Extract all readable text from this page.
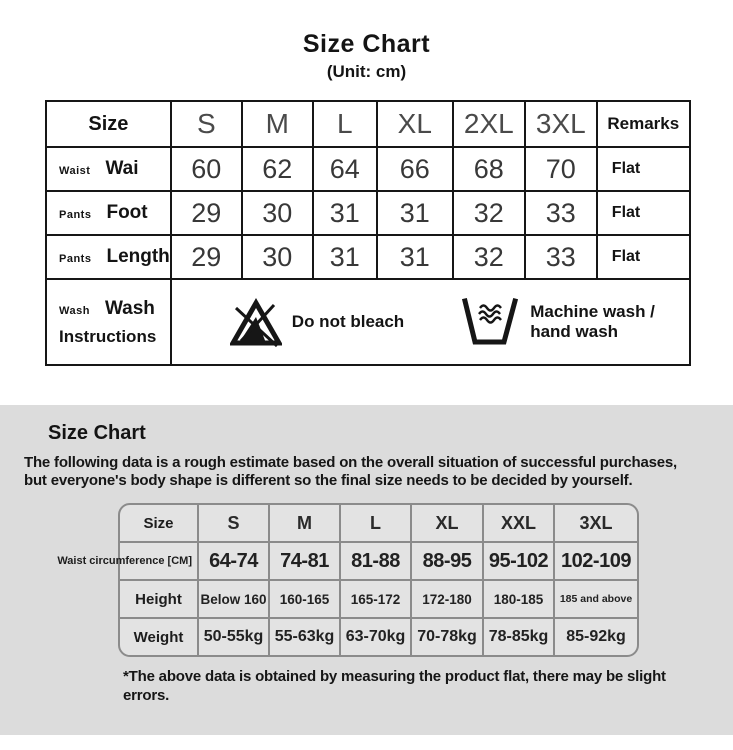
Size Chart
(Unit: cm)
Size	S	M	L	XL	2XL	3XL	Remarks

Waist Wai	60	62	64	66	68	70	Flat

Pants Foot	29	30	31	31	32	33	Flat

Pants Length	29	30	31	31	32	33	Flat

Wash Wash
Instructions

Do not bleach
Machine wash / hand wash
Size Chart

The following data is a rough estimate based on the overall situation of successful purchases, but everyone's body shape is different so the final size needs to be decided by yourself.

Size	S	M	L	XL	XXL	3XL

Waist circumference [CM]	64-74	74-81	81-88	88-95	95-102	102-109
Height	Below 160	160-165	165-172	172-180	180-185	185 and above
Weight	50-55kg	55-63kg	63-70kg	70-78kg	78-85kg	85-92kg

*The above data is obtained by measuring the product flat, there may be slight errors.
